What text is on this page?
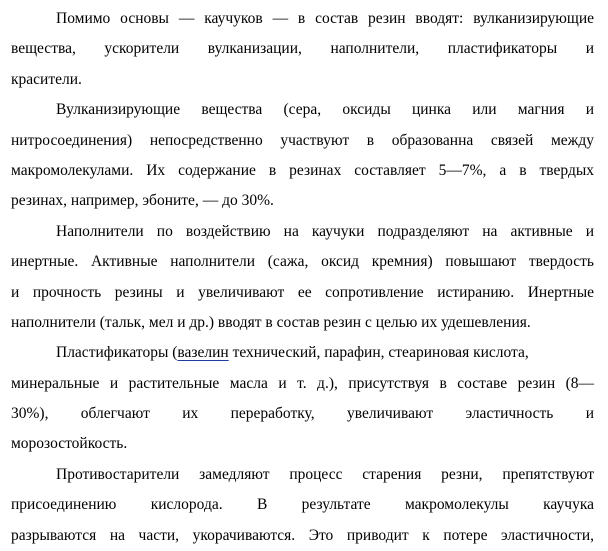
Помимо основы — каучуков — в состав резин вводят: вулканизирующие
вещества, ускорители вулканизации, наполнители, пластификаторы и
красители.
Вулканизирующие вещества (сера, оксиды цинка или магния и
нитросоединения) непосредственно участвуют в образованна связей между
макромолекулами. Их содержание в резинах составляет 5—7%, а в твердых
резинах, например, эбоните, — до 30%.
Наполнители по воздействию на каучуки подразделяют на активные и
инертные. Активные наполнители (сажа, оксид кремния) повышают твердость
и прочность резины и увеличивают ее сопротивление истиранию. Инертные
наполнители (тальк, мел и др.) вводят в состав резин с целью их удешевления.
Пластификаторы (вазелин технический, парафин, стеариновая кислота,
минеральные и растительные масла и т. д.), присутствуя в составе резин (8—
30%), облегчают их переработку, увеличивают эластичность и
морозостойкость.
Противостарители замедляют процесс старения резни, препятствуют
присоединению кислорода. В результате макромолекулы каучука
разрываются на части, укорачиваются. Это приводит к потере эластичности,
